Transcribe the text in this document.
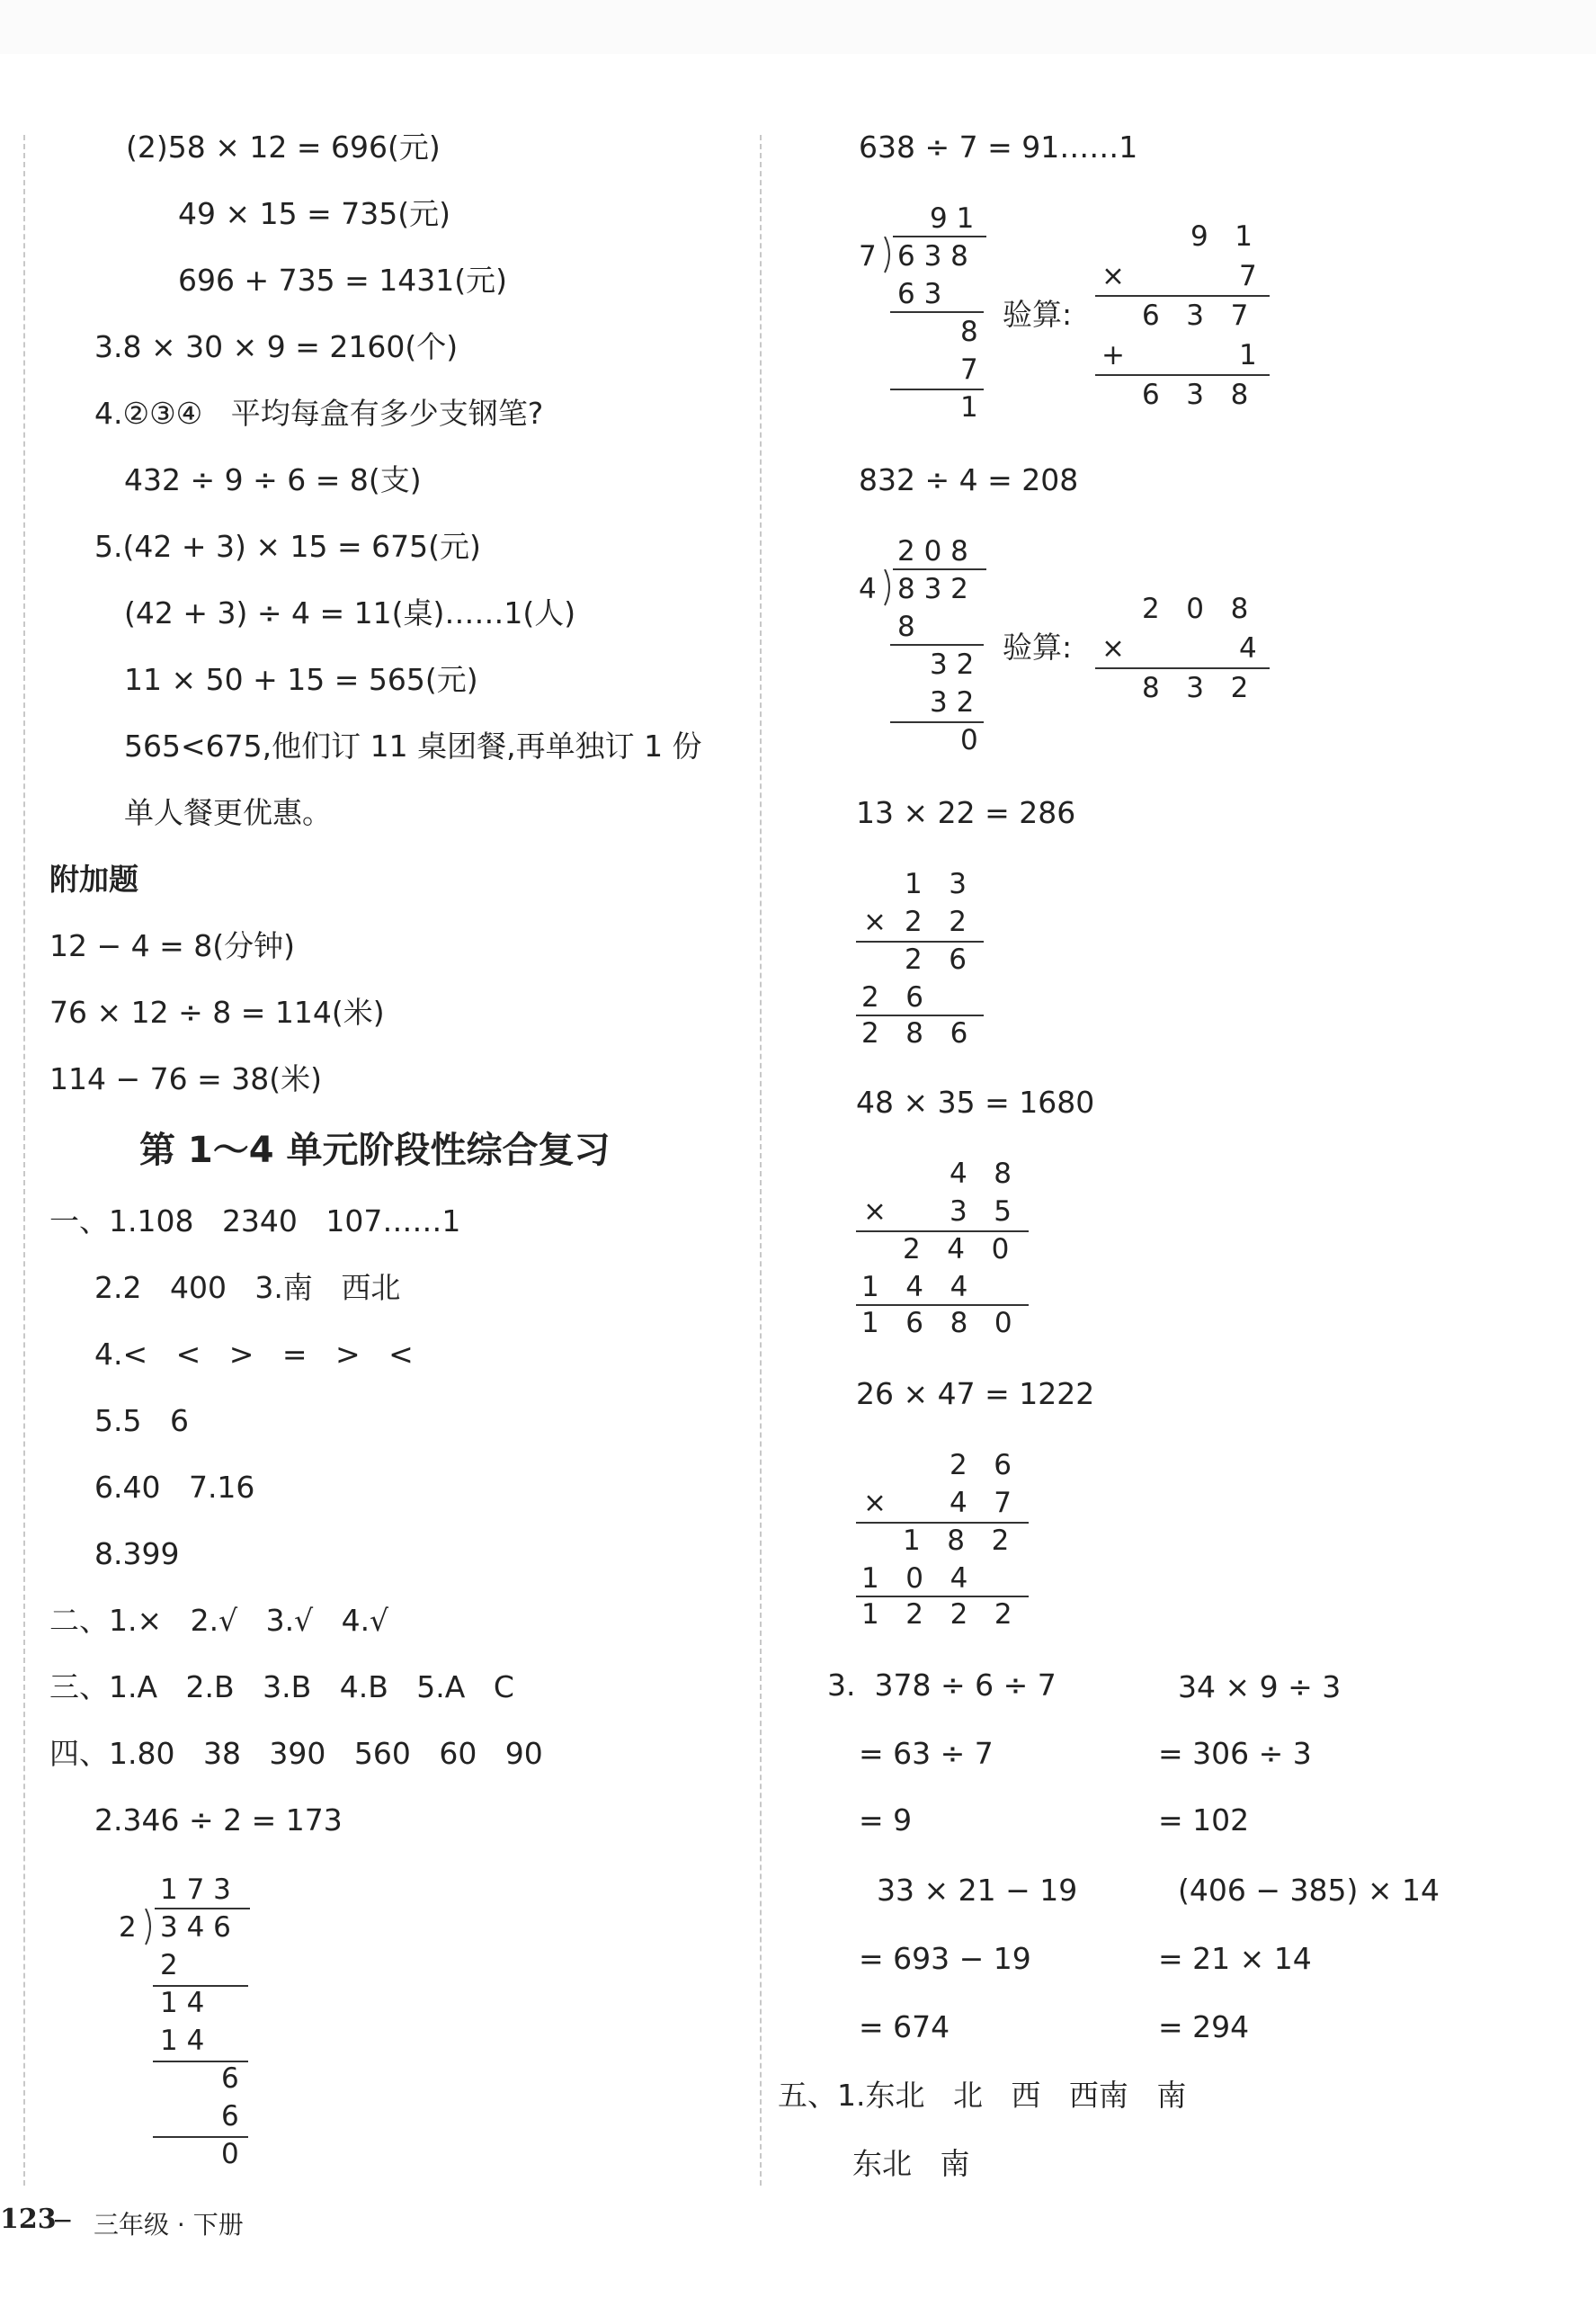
(2)58 × 12 = 696(元)
49 × 15 = 735(元)
696 + 735 = 1431(元)
3.8 × 30 × 9 = 2160(个)
4.②③④   平均每盒有多少支钢笔?
432 ÷ 9 ÷ 6 = 8(支)
5.(42 + 3) × 15 = 675(元)
(42 + 3) ÷ 4 = 11(桌)……1(人)
11 × 50 + 15 = 565(元)
565<675,他们订 11 桌团餐,再单独订 1 份
单人餐更优惠。
附加题
12 − 4 = 8(分钟)
76 × 12 ÷ 8 = 114(米)
114 − 76 = 38(米)
第 1～4 单元阶段性综合复习
一、1.108   2340   107……1
2.2   400   3.南   西北
4.<   <   >   =   >   <
5.5   6
6.40   7.16
8.399
二、1.×   2.√   3.√   4.√
三、1.A   2.B   3.B   4.B   5.A   C
四、1.80   38   390   560   60   90
2.346 ÷ 2 = 173
1 7 3
2 3 4 6
2
1 4
1 4
6
6
0
638 ÷ 7 = 91……1
9 1
7 6 3 8
6 3
8
7
1
验算:
9   1
×	7
6   3   7
+	1
6   3   8
832 ÷ 4 = 208
2 0 8
4 8 3 2
8
3 2
3 2
0
验算:
2   0   8
×	4
8   3   2
13 × 22 = 286
1   3
× 2   2
2   6
2   6
2   8   6
48 × 35 = 1680
4   8
× 3   5
2   4   0
1   4   4
1   6   8   0
26 × 47 = 1222
2   6
× 4   7
1   8   2
1   0   4
1   2   2   2
3.  378 ÷ 6 ÷ 7	34 × 9 ÷ 3
= 63 ÷ 7	= 306 ÷ 3
= 9	= 102
33 × 21 − 19	(406 − 385) × 14
= 693 − 19	= 21 × 14
= 674	= 294
五、1.东北   北   西   西南   南
东北   南
123
− 三年级 · 下册
